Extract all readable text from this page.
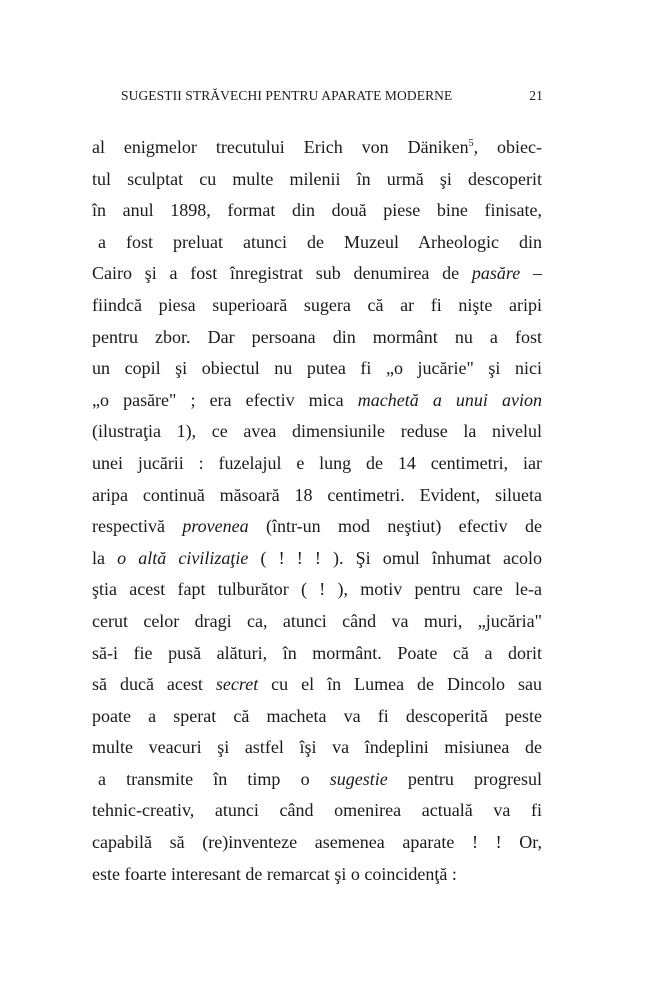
SUGESTII STRĂVECHI PENTRU APARATE MODERNE	21
al enigmelor trecutului Erich von Däniken$^5$, obiec-
tul sculptat cu multe milenii în urmă şi descoperit
în anul 1898, format din două piese bine finisate,
a fost preluat atunci de Muzeul Arheologic din
Cairo şi a fost înregistrat sub denumirea de pasăre –
fiindcă piesa superioară sugera că ar fi nişte aripi
pentru zbor. Dar persoana din mormânt nu a fost
un copil şi obiectul nu putea fi „o jucărie" şi nici
„o pasăre" ; era efectiv mica machetă a unui avion
(ilustraţia 1), ce avea dimensiunile reduse la nivelul
unei jucării : fuzelajul e lung de 14 centimetri, iar
aripa continuă măsoară 18 centimetri. Evident, silueta
respectivă provenea (într-un mod neştiut) efectiv de
la o altă civilizaţie ( ! ! ! ). Şi omul înhumat acolo
ştia acest fapt tulburător ( ! ), motiv pentru care le-a
cerut celor dragi ca, atunci când va muri, „jucăria"
să-i fie pusă alături, în mormânt. Poate că a dorit
să ducă acest secret cu el în Lumea de Dincolo sau
poate a sperat că macheta va fi descoperită peste
multe veacuri şi astfel îşi va îndeplini misiunea de
a transmite în timp o sugestie pentru progresul
tehnic-creativ, atunci când omenirea actuală va fi
capabilă să (re)inventeze asemenea aparate ! ! Or,
este foarte interesant de remarcat şi o coincidenţă :
